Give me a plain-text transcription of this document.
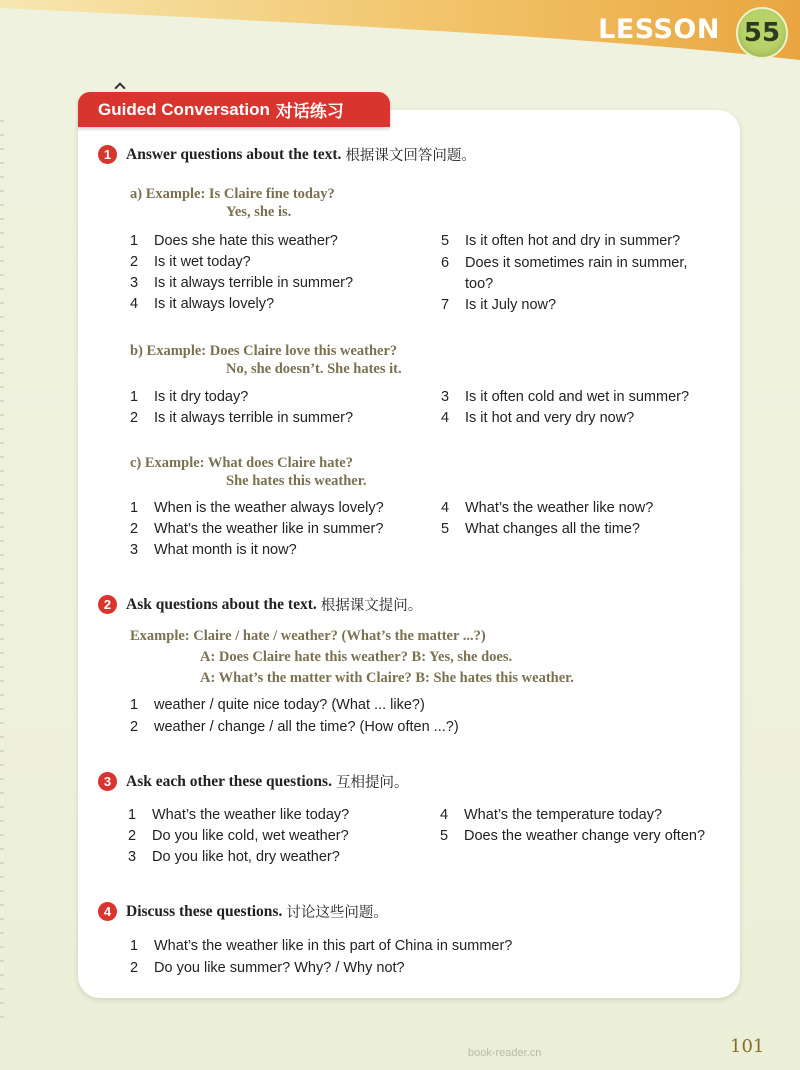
LESSON 55
Guided Conversation 对话练习
1 Answer questions about the text. 根据课文回答问题。
a) Example: Is Claire fine today?
Yes, she is.
1	Does she hate this weather?
2	Is it wet today?
3	Is it always terrible in summer?
4	Is it always lovely?
5	Is it often hot and dry in summer?
6	Does it sometimes rain in summer,
too?
7	Is it July now?
b) Example: Does Claire love this weather?
No, she doesn’t. She hates it.
1	Is it dry today?
2	Is it always terrible in summer?
3	Is it often cold and wet in summer?
4	Is it hot and very dry now?
c) Example: What does Claire hate?
She hates this weather.
1	When is the weather always lovely?
2	What’s the weather like in summer?
3	What month is it now?
4	What’s the weather like now?
5	What changes all the time?
2 Ask questions about the text. 根据课文提问。
Example: Claire / hate / weather? (What’s the matter ...?)
A: Does Claire hate this weather? B: Yes, she does.
A: What’s the matter with Claire? B: She hates this weather.
1	weather / quite nice today? (What ... like?)
2	weather / change / all the time? (How often ...?)
3 Ask each other these questions. 互相提问。
1	What’s the weather like today?
2	Do you like cold, wet weather?
3	Do you like hot, dry weather?
4	What’s the temperature today?
5	Does the weather change very often?
4 Discuss these questions. 讨论这些问题。
1	What’s the weather like in this part of China in summer?
2	Do you like summer? Why? / Why not?
book-reader.cn	101
